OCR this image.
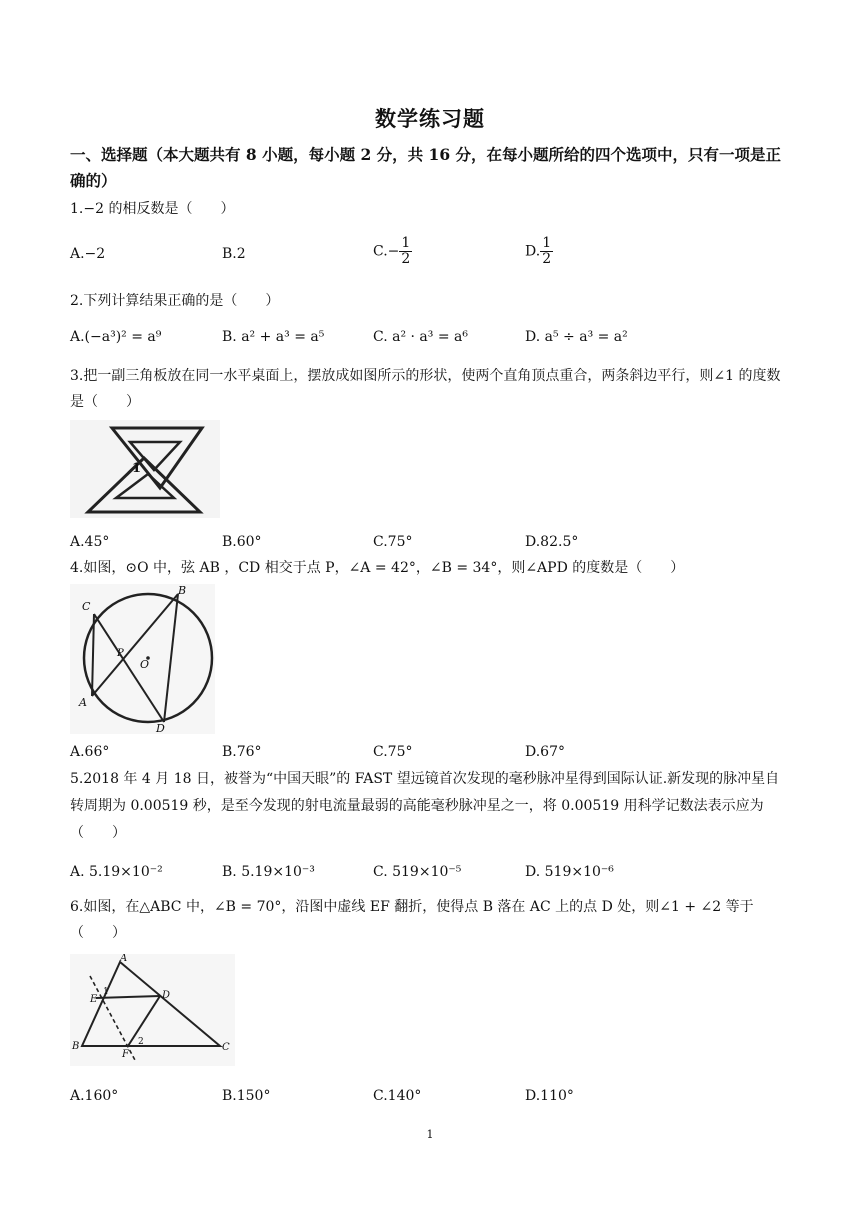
数学练习题
一、选择题（本大题共有 8 小题，每小题 2 分，共 16 分，在每小题所给的四个选项中，只有一项是正确的）
1.−2 的相反数是（　　）
A.−2	B.2	$C.- \frac{1}{2}$	D. $\frac{1}{2}$
2.下列计算结果正确的是（　　）
A.(−a³)² = a⁹	B. a² + a³ = a⁵	C. a² · a³ = a⁶	D. a⁵ ÷ a³ = a²
3.把一副三角板放在同一水平桌面上，摆放成如图所示的形状，使两个直角顶点重合，两条斜边平行，则∠1 的度数是（　　）
1
A.45°	B.60°	C.75°	D.82.5°
4.如图，⊙O 中，弦 AB ，CD 相交于点 P，∠A = 42°，∠B = 34°，则∠APD 的度数是（　　）
C
B
P
O
A
D
A.66°	B.76°	C.75°	D.67°
5.2018 年 4 月 18 日，被誉为“中国天眼”的 FAST 望远镜首次发现的毫秒脉冲星得到国际认证.新发现的脉冲星自转周期为 0.00519 秒，是至今发现的射电流量最弱的高能毫秒脉冲星之一，将 0.00519 用科学记数法表示应为（　　）
A. 5.19×10⁻²	B. 5.19×10⁻³	C. 519×10⁻⁵	D. 519×10⁻⁶
6.如图，在△ABC 中，∠B = 70°，沿图中虚线 EF 翻折，使得点 B 落在 AC 上的点 D 处，则∠1 + ∠2 等于（　　）
A
E
1	D
B
F
2	C
A.160°	B.150°	C.140°	D.110°
1
